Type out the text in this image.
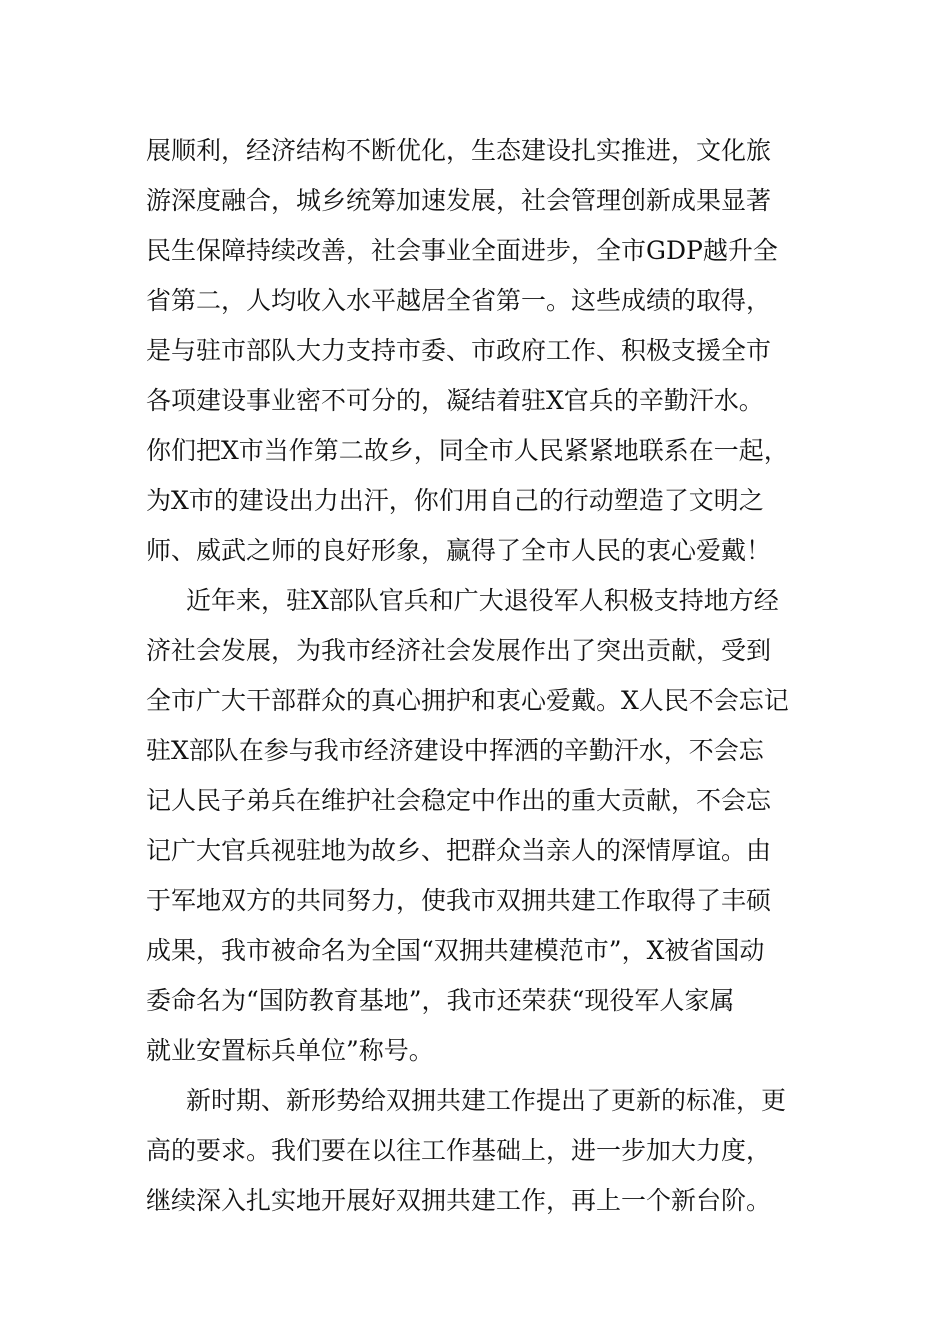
展顺利，经济结构不断优化，生态建设扎实推进，文化旅
游深度融合，城乡统筹加速发展，社会管理创新成果显著
民生保障持续改善，社会事业全面进步，全市GDP越升全
省第二，人均收入水平越居全省第一。这些成绩的取得，
是与驻市部队大力支持市委、市政府工作、积极支援全市
各项建设事业密不可分的，凝结着驻X官兵的辛勤汗水。
你们把X市当作第二故乡，同全市人民紧紧地联系在一起，
为X市的建设出力出汗，你们用自己的行动塑造了文明之
师、威武之师的良好形象，赢得了全市人民的衷心爱戴！
近年来，驻X部队官兵和广大退役军人积极支持地方经
济社会发展，为我市经济社会发展作出了突出贡献，受到
全市广大干部群众的真心拥护和衷心爱戴。X人民不会忘记
驻X部队在参与我市经济建设中挥洒的辛勤汗水，不会忘
记人民子弟兵在维护社会稳定中作出的重大贡献，不会忘
记广大官兵视驻地为故乡、把群众当亲人的深情厚谊。由
于军地双方的共同努力，使我市双拥共建工作取得了丰硕
成果，我市被命名为全国“双拥共建模范市”，X被省国动
委命名为“国防教育基地”，我市还荣获“现役军人家属
就业安置标兵单位”称号。
新时期、新形势给双拥共建工作提出了更新的标准，更
高的要求。我们要在以往工作基础上，进一步加大力度，
继续深入扎实地开展好双拥共建工作，再上一个新台阶。
